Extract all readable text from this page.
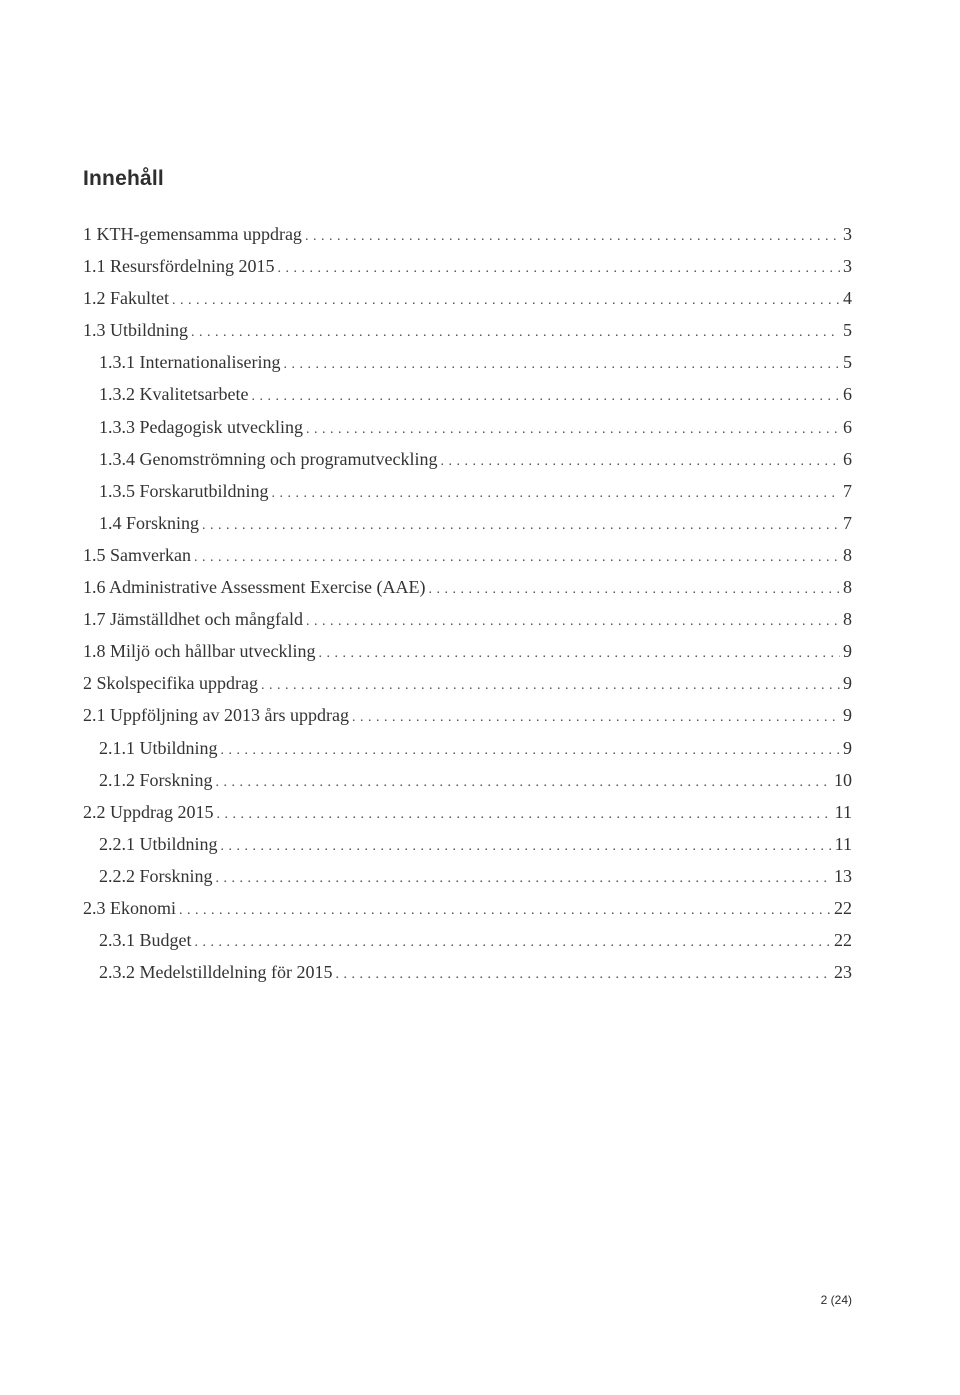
Innehåll
1 KTH-gemensamma uppdrag . . .	3
1.1 Resursfördelning 2015 . . .	3
1.2 Fakultet . . .	4
1.3 Utbildning . . .	5
1.3.1 Internationalisering . . .	5
1.3.2 Kvalitetsarbete . . .	6
1.3.3 Pedagogisk utveckling . . .	6
1.3.4 Genomströmning och programutveckling . . .	6
1.3.5 Forskarutbildning . . .	7
1.4 Forskning . . .	7
1.5 Samverkan . . .	8
1.6 Administrative Assessment Exercise (AAE) . . .	8
1.7 Jämställdhet och mångfald . . .	8
1.8 Miljö och hållbar utveckling . . .	9
2 Skolspecifika uppdrag . . .	9
2.1 Uppföljning av 2013 års uppdrag . . .	9
2.1.1 Utbildning . . .	9
2.1.2 Forskning . . .	10
2.2 Uppdrag 2015 . . .	11
2.2.1 Utbildning . . .	11
2.2.2 Forskning . . .	13
2.3 Ekonomi . . .	22
2.3.1 Budget . . .	22
2.3.2 Medelstilldelning för 2015 . . .	23
2 (24)
